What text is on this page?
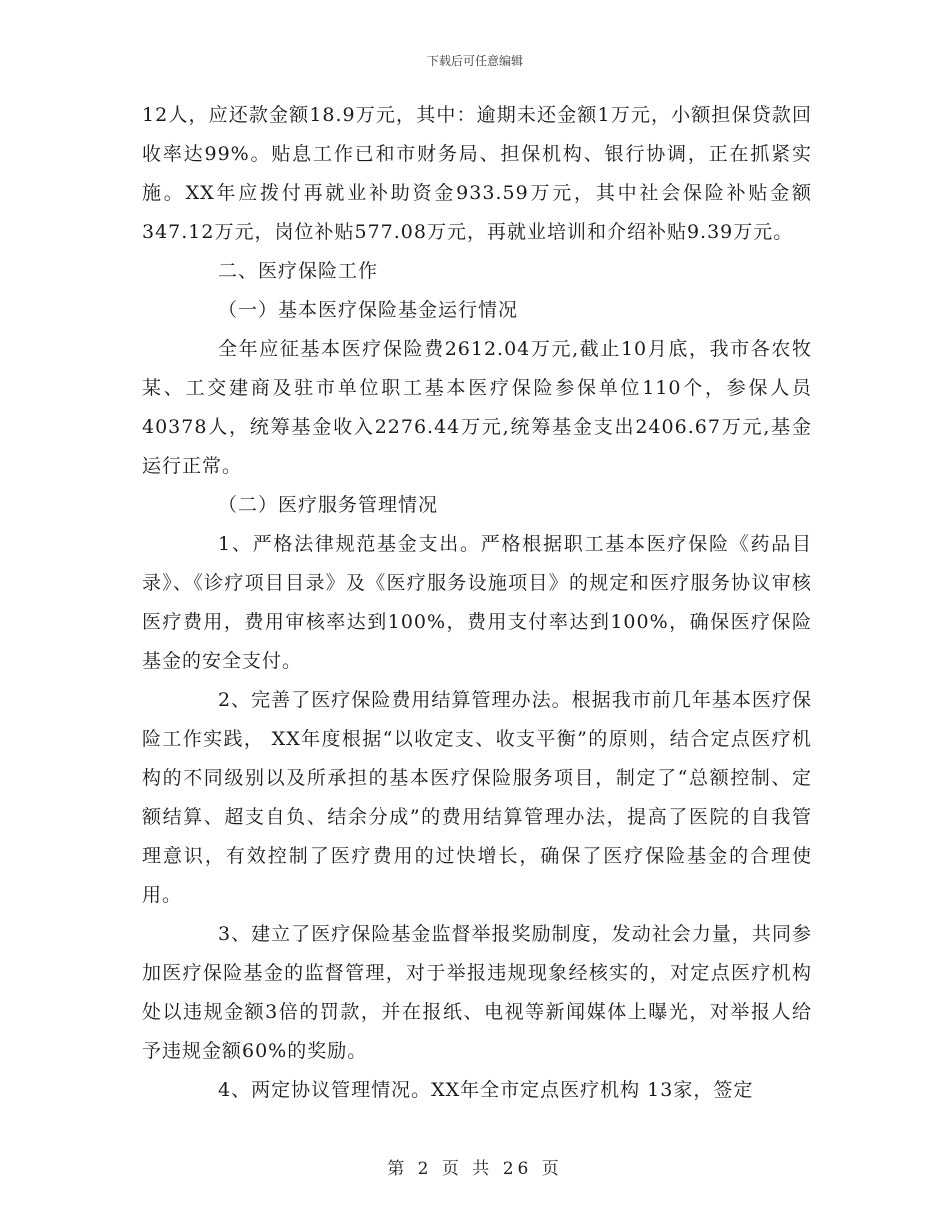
下载后可任意编辑

12人，应还款金额18.9万元，其中：逾期未还金额1万元，小额担保贷款回收率达99%。贴息工作已和市财务局、担保机构、银行协调，正在抓紧实施。XX年应拨付再就业补助资金933.59万元，其中社会保险补贴金额347.12万元，岗位补贴577.08万元，再就业培训和介绍补贴9.39万元。

二、医疗保险工作

（一）基本医疗保险基金运行情况

全年应征基本医疗保险费2612.04万元,截止10月底，我市各农牧某、工交建商及驻市单位职工基本医疗保险参保单位110个，参保人员40378人，统筹基金收入2276.44万元,统筹基金支出2406.67万元,基金运行正常。

（二）医疗服务管理情况

1、严格法律规范基金支出。严格根据职工基本医疗保险《药品目录》、《诊疗项目目录》及《医疗服务设施项目》的规定和医疗服务协议审核医疗费用，费用审核率达到100%，费用支付率达到100%，确保医疗保险基金的安全支付。

2、完善了医疗保险费用结算管理办法。根据我市前几年基本医疗保险工作实践， XX年度根据“以收定支、收支平衡”的原则，结合定点医疗机构的不同级别以及所承担的基本医疗保险服务项目，制定了“总额控制、定额结算、超支自负、结余分成”的费用结算管理办法，提高了医院的自我管理意识，有效控制了医疗费用的过快增长，确保了医疗保险基金的合理使用。

3、建立了医疗保险基金监督举报奖励制度，发动社会力量，共同参加医疗保险基金的监督管理，对于举报违规现象经核实的，对定点医疗机构处以违规金额3倍的罚款，并在报纸、电视等新闻媒体上曝光，对举报人给予违规金额60%的奖励。

4、两定协议管理情况。XX年全市定点医疗机构 13家，签定

第 2 页 共 26 页
